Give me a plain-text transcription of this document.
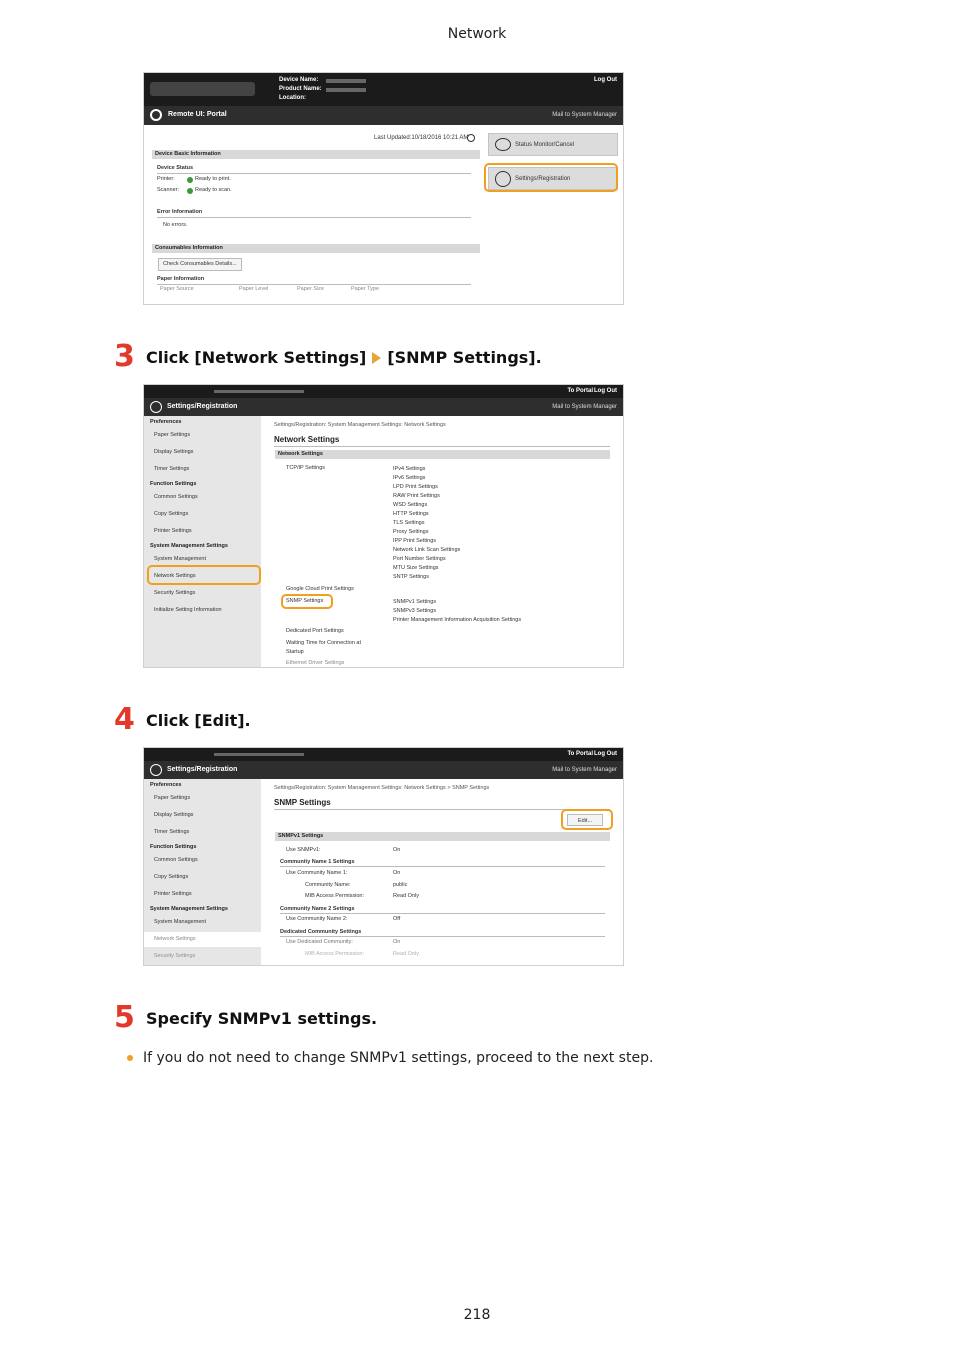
Network
Device Name:
Product Name:
Location:
Log Out
Remote UI: Portal	Mail to System Manager
Last Updated:10/18/2016 10:21 AM
Device Basic Information
Device Status
Printer:	Ready to print.
Scanner:	Ready to scan.
Error Information
No errors.
Consumables Information
Check Consumables Details...
Paper Information
Paper Source	Paper Level	Paper Size	Paper Type
Status Monitor/Cancel
Settings/Registration
3 Click [Network Settings] [SNMP Settings].
To Portal Log Out
Settings/Registration	Mail to System Manager
Preferences
Paper Settings
Display Settings
Timer Settings
Function Settings
Common Settings
Copy Settings
Printer Settings
System Management Settings
System Management
Network Settings
Security Settings
Initialize Setting Information
Settings/Registration: System Management Settings: Network Settings
Network Settings
Network Settings
TCP/IP Settings	IPv4 Settings
IPv6 Settings
LPD Print Settings
RAW Print Settings
WSD Settings
HTTP Settings
TLS Settings
Proxy Settings
IPP Print Settings
Network Link Scan Settings
Port Number Settings
MTU Size Settings
SNTP Settings
Google Cloud Print Settings
SNMP Settings	SNMPv1 Settings
SNMPv3 Settings
Printer Management Information Acquisition Settings
Dedicated Port Settings
Waiting Time for Connection at
Startup
Ethernet Driver Settings
4 Click [Edit].
To Portal Log Out
Settings/Registration	Mail to System Manager
Preferences
Paper Settings
Display Settings
Timer Settings
Function Settings
Common Settings
Copy Settings
Printer Settings
System Management Settings
System Management
Network Settings
Security Settings
Settings/Registration: System Management Settings: Network Settings > SNMP Settings
SNMP Settings
Edit...
SNMPv1 Settings
Use SNMPv1:	On
Community Name 1 Settings
Use Community Name 1:	On
Community Name:	public
MIB Access Permission:	Read Only
Community Name 2 Settings
Use Community Name 2:	Off
Dedicated Community Settings
Use Dedicated Community:	On
MIB Access Permission:	Read Only
5 Specify SNMPv1 settings.
If you do not need to change SNMPv1 settings, proceed to the next step.
218
